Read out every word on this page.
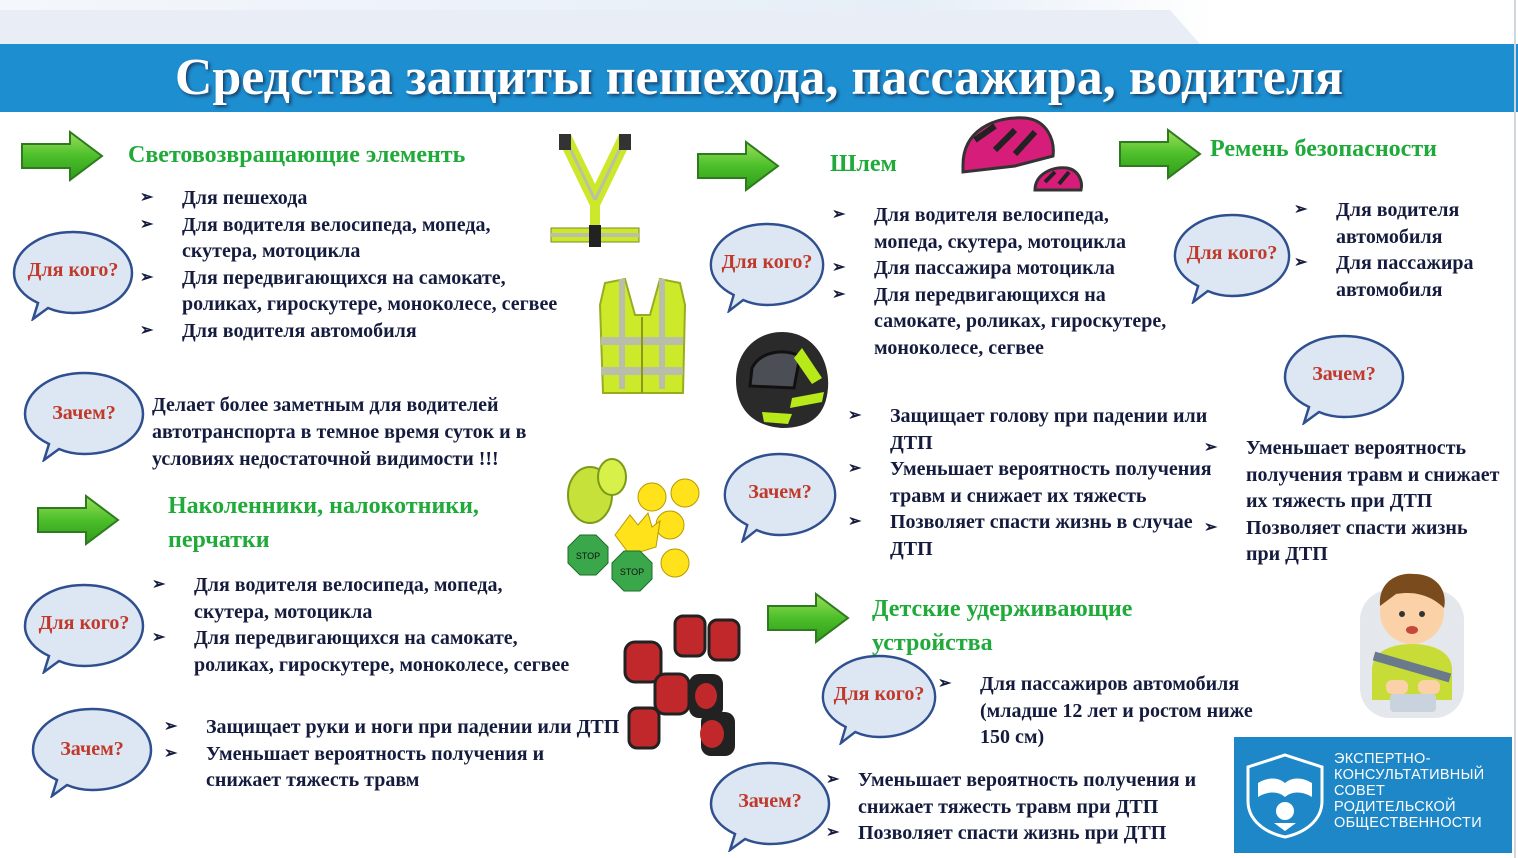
Средства защиты пешехода, пассажира, водителя
Световозвращающие элементь
Для кого?
➢ Для пешехода
➢ Для водителя велосипеда, мопеда, скутера, мотоцикла
➢ Для передвигающихся на самокате, роликах, гироскутере, моноколесе, сегвее
➢ Для водителя автомобиля
Зачем?	Делает более заметным для водителей автотранспорта в темное время суток и в условиях недостаточной видимости !!!
Наколенники, налокотники, перчатки
Для кого?
➢ Для водителя велосипеда, мопеда, скутера, мотоцикла
➢ Для передвигающихся на самокате, роликах, гироскутере, моноколесе, сегвее
Зачем?
➢ Защищает руки и ноги при падении или ДТП
➢ Уменьшает вероятность получения и снижает тяжесть травм
STOP
STOP
Шлем
Для кого?
➢ Для водителя велосипеда, мопеда, скутера, мотоцикла
➢ Для пассажира мотоцикла
➢ Для передвигающихся на самокате, роликах, гироскутере, моноколесе, сегвее
Зачем?
➢ Защищает голову при падении или ДТП
➢ Уменьшает вероятность получения травм и снижает их тяжесть
➢ Позволяет спасти жизнь в случае ДТП
Детские удерживающие устройства
Для кого? ➢ Для пассажиров автомобиля (младше 12 лет и ростом ниже 150 см)
Зачем?
➢ Уменьшает вероятность получения и снижает тяжесть травм при ДТП
➢ Позволяет спасти жизнь при ДТП
Ремень безопасности
Для кого?
➢ Для водителя автомобиля
➢ Для пассажира автомобиля
Зачем?
➢ Уменьшает вероятность получения травм и снижает их тяжесть при ДТП
➢ Позволяет спасти жизнь при ДТП
ЭКСПЕРТНО-
КОНСУЛЬТАТИВНЫЙ
СОВЕТ
РОДИТЕЛЬСКОЙ
ОБЩЕСТВЕННОСТИ
